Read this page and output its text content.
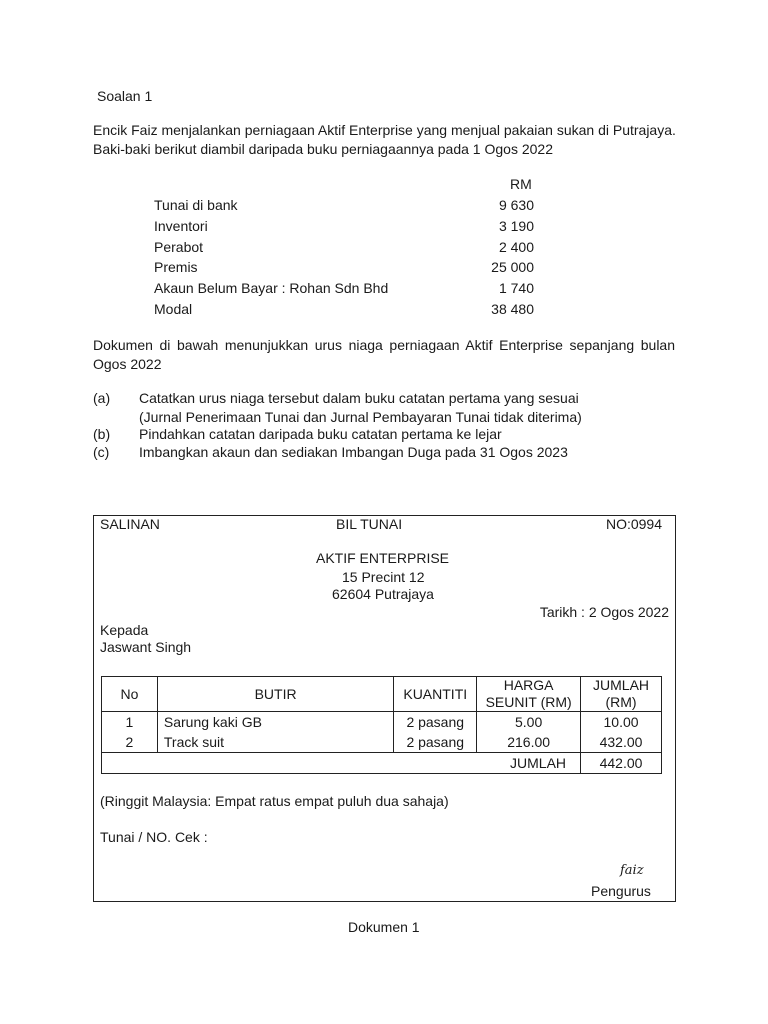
Soalan 1
Encik Faiz menjalankan perniagaan Aktif Enterprise yang menjual pakaian sukan di Putrajaya. Baki-baki berikut diambil daripada buku perniagaannya pada 1 Ogos 2022
RM
Tunai di bank	9 630
Inventori	3 190
Perabot	2 400
Premis	25 000
Akaun Belum Bayar : Rohan Sdn Bhd	1 740
Modal	38 480
Dokumen di bawah menunjukkan urus niaga perniagaan Aktif Enterprise sepanjang bulan Ogos 2022
(a) Catatkan urus niaga tersebut dalam buku catatan pertama yang sesuai
(Jurnal Penerimaan Tunai dan Jurnal Pembayaran Tunai tidak diterima)
(b) Pindahkan catatan daripada buku catatan pertama ke lejar
(c) Imbangkan akaun dan sediakan Imbangan Duga pada 31 Ogos 2023
SALINAN	BIL TUNAI	NO:0994
AKTIF ENTERPRISE
15 Precint 12
62604 Putrajaya
Tarikh : 2 Ogos 2022
Kepada
Jaswant Singh
No	BUTIR	KUANTITI	HARGA SEUNIT (RM)	JUMLAH (RM)
1	Sarung kaki GB	2 pasang	5.00	10.00
2	Track suit	2 pasang	216.00	432.00
JUMLAH				442.00
(Ringgit Malaysia: Empat ratus empat puluh dua sahaja)
Tunai / NO. Cek :
faiz
Pengurus
Dokumen 1
